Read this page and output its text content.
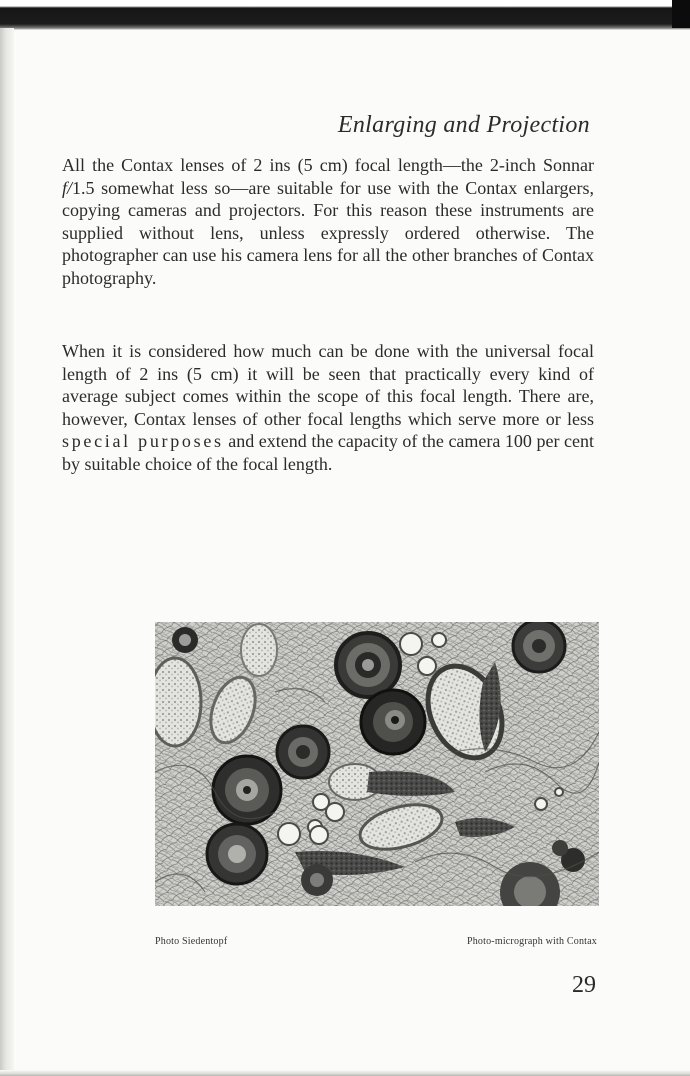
Enlarging and Projection

All the Contax lenses of 2 ins (5 cm) focal length—the 2-inch Sonnar f/1.5 somewhat less so—are suitable for use with the Contax enlargers, copying cameras and projectors. For this reason these instruments are supplied without lens, unless expressly ordered otherwise. The photographer can use his camera lens for all the other branches of Contax photography.

When it is considered how much can be done with the universal focal length of 2 ins (5 cm) it will be seen that practically every kind of average subject comes within the scope of this focal length. There are, however, Contax lenses of other focal lengths which serve more or less special purposes and extend the capacity of the camera 100 per cent by suitable choice of the focal length.

Photo Siedentopf	Photo-micrograph with Contax

29
